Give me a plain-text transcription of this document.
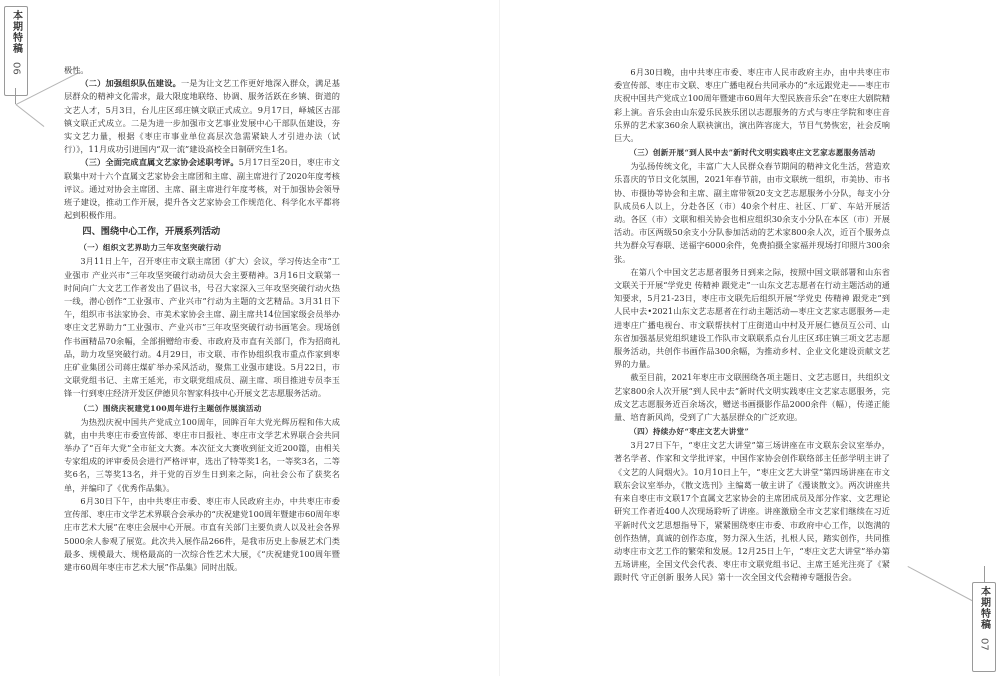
本期特稿
06	极性。

（二）加强组织队伍建设。一是为让文艺工作更好地深入群众，满足基层群众的精神文化需求，最大限度地联络、协调、服务活跃在乡镇、街道的文艺人才，5月3日，台儿庄区邳庄镇文联正式成立。9月17日，峄城区古邵镇文联正式成立。二是为进一步加强市文艺事业发展中心干部队伍建设，夯实文艺力量，根据《枣庄市事业单位高层次急需紧缺人才引进办法（试行）》，11月成功引进国内“双一流”建设高校全日制研究生1名。

（三）全面完成直属文艺家协会述职考评。5月17日至20日，枣庄市文联集中对十六个直属文艺家协会主席团和主席、副主席进行了2020年度考核评议。通过对协会主席团、主席、副主席进行年度考核，对于加强协会领导班子建设，推动工作开展，提升各文艺家协会工作规范化、科学化水平都将起到积极作用。

四、围绕中心工作，开展系列活动
（一）组织文艺界助力三年攻坚突破行动

3月11日上午，召开枣庄市文联主席团（扩大）会议，学习传达全市“工业强市 产业兴市”三年攻坚突破行动动员大会主要精神。3月16日文联第一时间向广大文艺工作者发出了倡议书，号召大家深入三年攻坚突破行动火热一线，潜心创作“工业强市、产业兴市”行动为主题的文艺精品。3月31日下午，组织市书法家协会、市美术家协会主席、副主席共14位国家级会员举办枣庄文艺界助力“工业强市、产业兴市”三年攻坚突破行动书画笔会。现场创作书画精品70余幅，全部捐赠给市委、市政府及市直有关部门，作为招商礼品，助力攻坚突破行动。4月29日，市文联、市作协组织我市重点作家到枣庄矿业集团公司蒋庄煤矿举办采风活动，聚焦工业强市建设。5月22日，市文联党组书记、主席王延光，市文联党组成员、副主席、项目推进专员李玉锋一行到枣庄经济开发区伊德贝尔智家科技中心开展文艺志愿服务活动。

（二）围绕庆祝建党100周年进行主题创作展演活动

为热烈庆祝中国共产党成立100周年，回眸百年大党光辉历程和伟大成就，由中共枣庄市委宣传部、枣庄市日报社、枣庄市文学艺术界联合会共同举办了“百年大党”全市征文大赛。本次征文大赛收到征文近200篇，由相关专家组成的评审委员会进行严格评审，选出了特等奖1名，一等奖3名，二等奖6名，三等奖13名，并于党的百岁生日到来之际，向社会公布了获奖名单，并编印了《优秀作品集》。

6月30日下午，由中共枣庄市委、枣庄市人民政府主办，中共枣庄市委宣传部、枣庄市文学艺术界联合会承办的“庆祝建党100周年暨建市60周年枣庄市艺术大展”在枣庄会展中心开展。市直有关部门主要负责人以及社会各界5000余人参观了展览。此次共入展作品266件，是我市历史上参展艺术门类最多、规模最大、规格最高的一次综合性艺术大展，《“庆祝建党100周年暨建市60周年枣庄市艺术大展”作品集》同时出版。

6月30日晚，由中共枣庄市委、枣庄市人民市政府主办，由中共枣庄市委宣传部、枣庄市文联、枣庄广播电视台共同承办的“永远跟党走——枣庄市庆祝中国共产党成立100周年暨建市60周年大型民族音乐会”在枣庄大剧院精彩上演。音乐会由山东爱乐民族乐团以志愿服务的方式与枣庄学院和枣庄音乐界的艺术家360余人联袂演出，演出阵容庞大，节目气势恢宏，社会反响巨大。

（三）创新开展“到人民中去”新时代文明实践枣庄文艺家志愿服务活动

为弘扬传统文化，丰富广大人民群众春节期间的精神文化生活，营造欢乐喜庆的节日文化氛围，2021年春节前，由市文联统一组织，市美协、市书协、市摄协等协会和主席、副主席带领20支文艺志愿服务小分队，每支小分队成员6人以上，分赴各区（市）40余个村庄、社区、厂矿、车站开展活动。各区（市）文联和相关协会也相应组织30余支小分队在本区（市）开展活动。市区两级50余支小分队参加活动的艺术家800余人次，近百个服务点共为群众写春联、送福字6000余件，免费拍摄全家福并现场打印照片300余张。

在第八个中国文艺志愿者服务日到来之际，按照中国文联部署和山东省文联关于开展“学党史 传精神 跟党走”一山东文艺志愿者在行动主题活动的通知要求，5月21-23日，枣庄市文联先后组织开展“学党史 传精神 跟党走”到人民中去•2021山东文艺志愿者在行动主题活动—枣庄文艺家志愿服务—走进枣庄广播电视台、市文联帮扶村丁庄街道山中村及开展仁德员互公司、山东省加强基层党组织建设工作队市文联联系点台儿庄区邳庄镇三项文艺志愿服务活动，共创作书画作品300余幅，为推动乡村、企业文化建设贡献文艺界的力量。

截至目前，2021年枣庄市文联围绕各项主题日、文艺志愿日，共组织文艺家800余人次开展“到人民中去”新时代文明实践枣庄文艺家志愿服务，完成文艺志愿服务近百余场次，赠送书画摄影作品2000余件（幅），传递正能量、培育新风尚，受到了广大基层群众的广泛欢迎。

（四）持续办好“枣庄文艺大讲堂”

3月27日下午，“枣庄文艺大讲堂”第三场讲座在市文联东会议室举办，著名学者、作家和文学批评家，中国作家协会创作联络部主任彭学明主讲了《文艺的人间烟火》。10月10日上午，“枣庄文艺大讲堂”第四场讲座在市文联东会议室举办，《散文选刊》主编葛一敏主讲了《漫谈散文》。两次讲座共有来自枣庄市文联17个直属文艺家协会的主席团成员及部分作家、文艺理论研究工作者近400人次现场聆听了讲座。讲座激励全市文艺家们继续在习近平新时代文艺思想指导下，紧紧围绕枣庄市委、市政府中心工作，以饱满的创作热情，真诚的创作态度，努力深入生活，扎根人民，踏实创作，共同推动枣庄市文艺工作的繁荣和发展。12月25日上午，“枣庄文艺大讲堂”举办第五场讲座，全国文代会代表、枣庄市文联党组书记、主席王延光注亮了《紧跟时代 守正创新 服务人民》第十一次全国文代会精神专题报告会。

本期特稿
07
